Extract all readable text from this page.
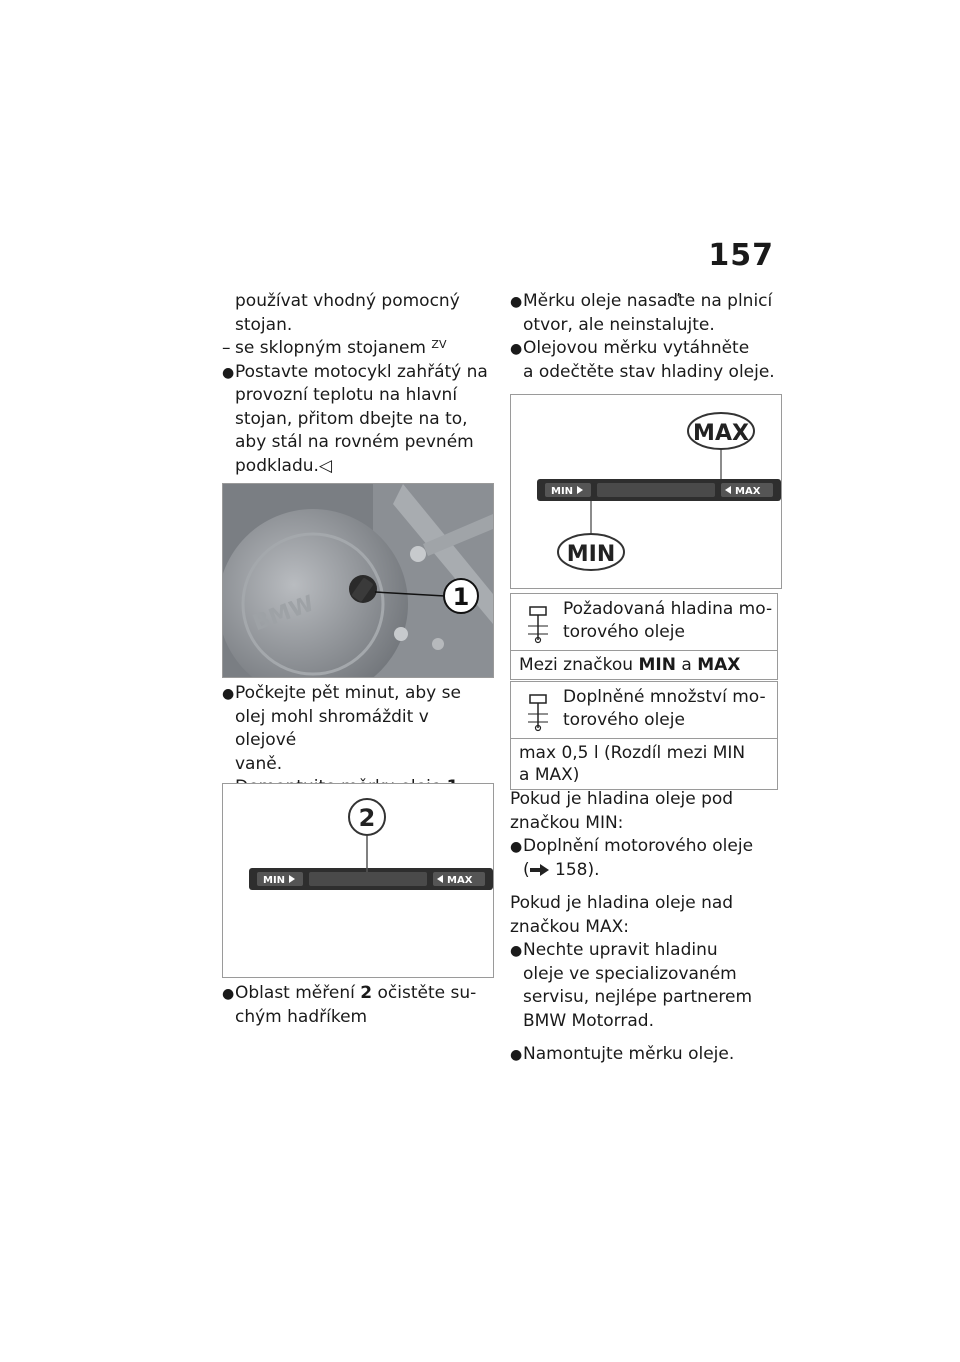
157

používat vhodný pomocný

stojan.

– se sklopným stojanem $^{ZV}$

● Postavte motocykl zahřátý na
provozní teplotu na hlavní
stojan, přitom dbejte na to,
aby stál na rovném pevném
podkladu.◁
BMW	1
● Počkejte pět minut, aby se
olej mohl shromáždit v olejové
vaně.

MIN	MAX
2
● Oblast měření 2 očistěte su-
chým hadříkem
● Měrku oleje nasaďte na plnicí
otvor, ale neinstalujte.
● Olejovou měrku vytáhněte
a odečtěte stav hladiny oleje.
MIN	MAX
MAX
MIN
Požadovaná hladina mo-
torového oleje
Mezi značkou MIN a MAX
Doplněné množství mo-
torového oleje
max 0,5 l (Rozdíl mezi MIN
a MAX)

Pokud je hladina oleje pod

značkou MIN:

● Doplnění motorového oleje
( 158).

Pokud je hladina oleje nad

značkou MAX:

● Nechte upravit hladinu
oleje ve specializovaném
servisu, nejlépe partnerem
BMW Motorrad.
● Namontujte měrku oleje.
